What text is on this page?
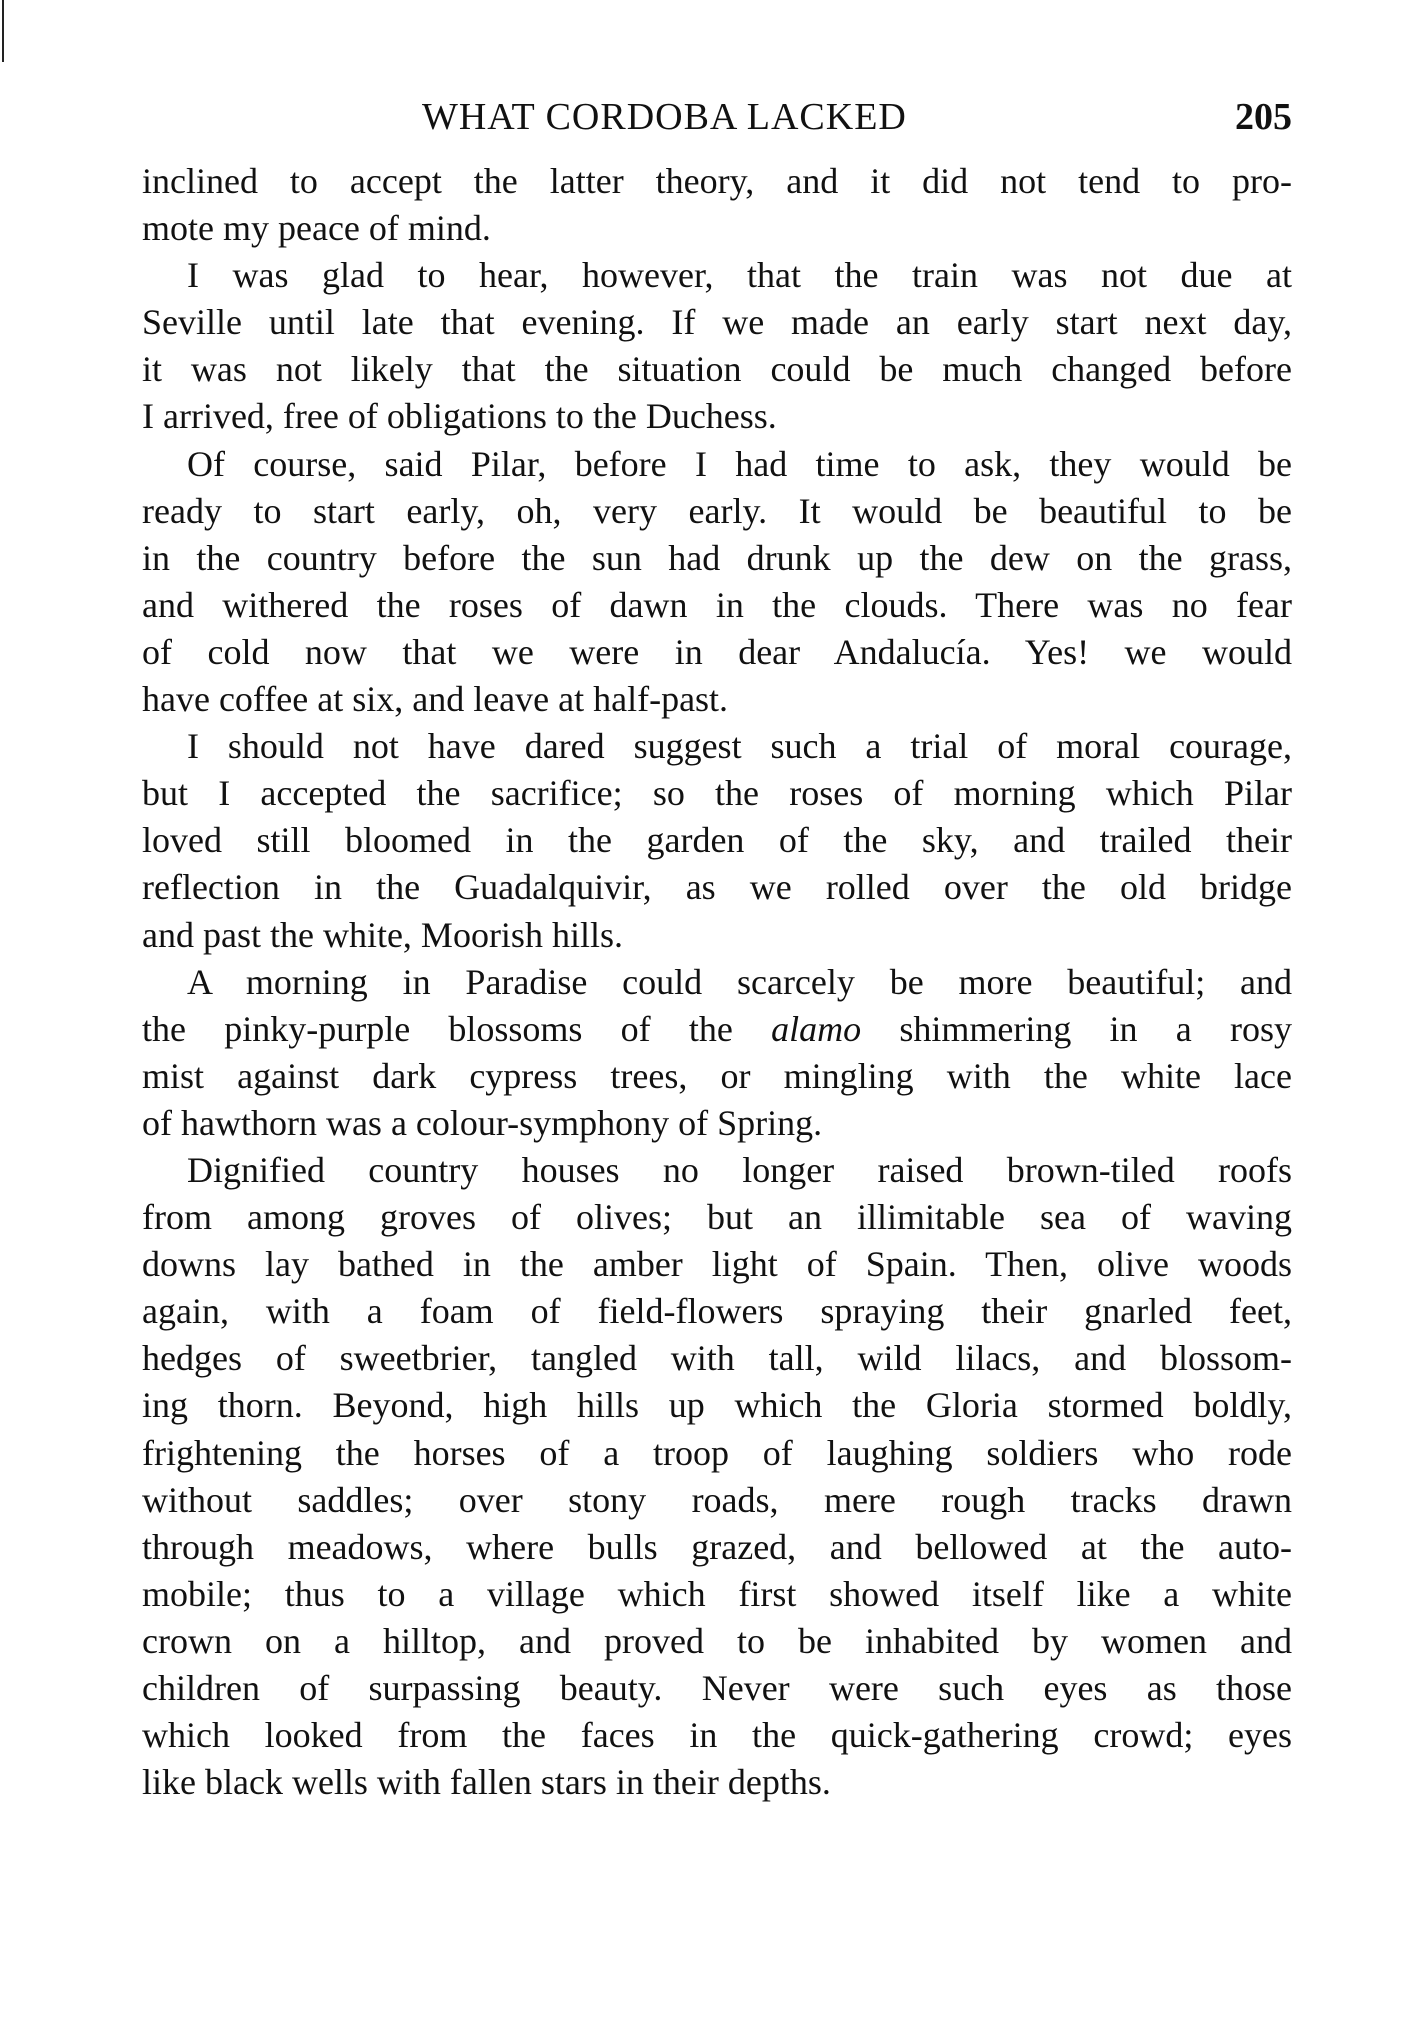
WHAT CORDOBA LACKED	205
inclined to accept the latter theory, and it did not tend to pro-
mote my peace of mind.
I was glad to hear, however, that the train was not due at
Seville until late that evening. If we made an early start next day,
it was not likely that the situation could be much changed before
I arrived, free of obligations to the Duchess.
Of course, said Pilar, before I had time to ask, they would be
ready to start early, oh, very early. It would be beautiful to be
in the country before the sun had drunk up the dew on the grass,
and withered the roses of dawn in the clouds. There was no fear
of cold now that we were in dear Andalucía. Yes! we would
have coffee at six, and leave at half-past.
I should not have dared suggest such a trial of moral courage,
but I accepted the sacrifice; so the roses of morning which Pilar
loved still bloomed in the garden of the sky, and trailed their
reflection in the Guadalquivir, as we rolled over the old bridge
and past the white, Moorish hills.
A morning in Paradise could scarcely be more beautiful; and
the pinky-purple blossoms of the alamo shimmering in a rosy
mist against dark cypress trees, or mingling with the white lace
of hawthorn was a colour-symphony of Spring.
Dignified country houses no longer raised brown-tiled roofs
from among groves of olives; but an illimitable sea of waving
downs lay bathed in the amber light of Spain. Then, olive woods
again, with a foam of field-flowers spraying their gnarled feet,
hedges of sweetbrier, tangled with tall, wild lilacs, and blossom-
ing thorn. Beyond, high hills up which the Gloria stormed boldly,
frightening the horses of a troop of laughing soldiers who rode
without saddles; over stony roads, mere rough tracks drawn
through meadows, where bulls grazed, and bellowed at the auto-
mobile; thus to a village which first showed itself like a white
crown on a hilltop, and proved to be inhabited by women and
children of surpassing beauty. Never were such eyes as those
which looked from the faces in the quick-gathering crowd; eyes
like black wells with fallen stars in their depths.
